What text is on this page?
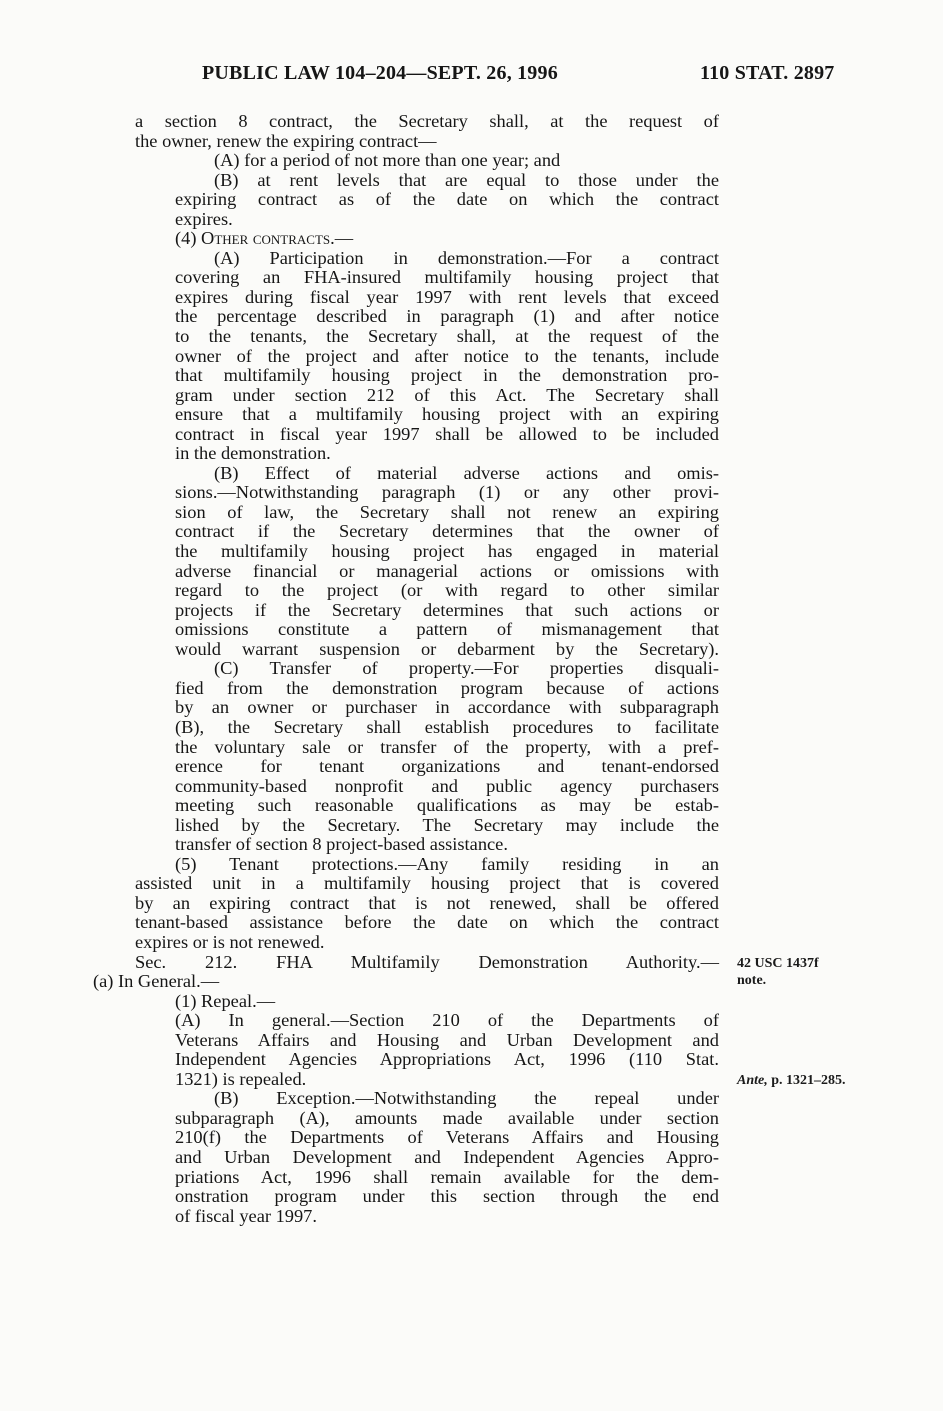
PUBLIC LAW 104–204—SEPT. 26, 1996	110 STAT. 2897
a section 8 contract, the Secretary shall, at the request of
the owner, renew the expiring contract—
(A) for a period of not more than one year; and
(B) at rent levels that are equal to those under the
expiring contract as of the date on which the contract
expires.
(4) Other contracts.—
(A) Participation in demonstration.—For a contract
covering an FHA-insured multifamily housing project that
expires during fiscal year 1997 with rent levels that exceed
the percentage described in paragraph (1) and after notice
to the tenants, the Secretary shall, at the request of the
owner of the project and after notice to the tenants, include
that multifamily housing project in the demonstration pro-
gram under section 212 of this Act. The Secretary shall
ensure that a multifamily housing project with an expiring
contract in fiscal year 1997 shall be allowed to be included
in the demonstration.
(B) Effect of material adverse actions and omis-
sions.—Notwithstanding paragraph (1) or any other provi-
sion of law, the Secretary shall not renew an expiring
contract if the Secretary determines that the owner of
the multifamily housing project has engaged in material
adverse financial or managerial actions or omissions with
regard to the project (or with regard to other similar
projects if the Secretary determines that such actions or
omissions constitute a pattern of mismanagement that
would warrant suspension or debarment by the Secretary).
(C) Transfer of property.—For properties disquali-
fied from the demonstration program because of actions
by an owner or purchaser in accordance with subparagraph
(B), the Secretary shall establish procedures to facilitate
the voluntary sale or transfer of the property, with a pref-
erence for tenant organizations and tenant-endorsed
community-based nonprofit and public agency purchasers
meeting such reasonable qualifications as may be estab-
lished by the Secretary. The Secretary may include the
transfer of section 8 project-based assistance.
(5) Tenant protections.—Any family residing in an
assisted unit in a multifamily housing project that is covered
by an expiring contract that is not renewed, shall be offered
tenant-based assistance before the date on which the contract
expires or is not renewed.
Sec. 212. FHA Multifamily Demonstration Authority.—
(a) In General.—
(1) Repeal.—
(A) In general.—Section 210 of the Departments of
Veterans Affairs and Housing and Urban Development and
Independent Agencies Appropriations Act, 1996 (110 Stat.
1321) is repealed.
(B) Exception.—Notwithstanding the repeal under
subparagraph (A), amounts made available under section
210(f) the Departments of Veterans Affairs and Housing
and Urban Development and Independent Agencies Appro-
priations Act, 1996 shall remain available for the dem-
onstration program under this section through the end
of fiscal year 1997.
42 USC 1437f note.
Ante, p. 1321–285.
